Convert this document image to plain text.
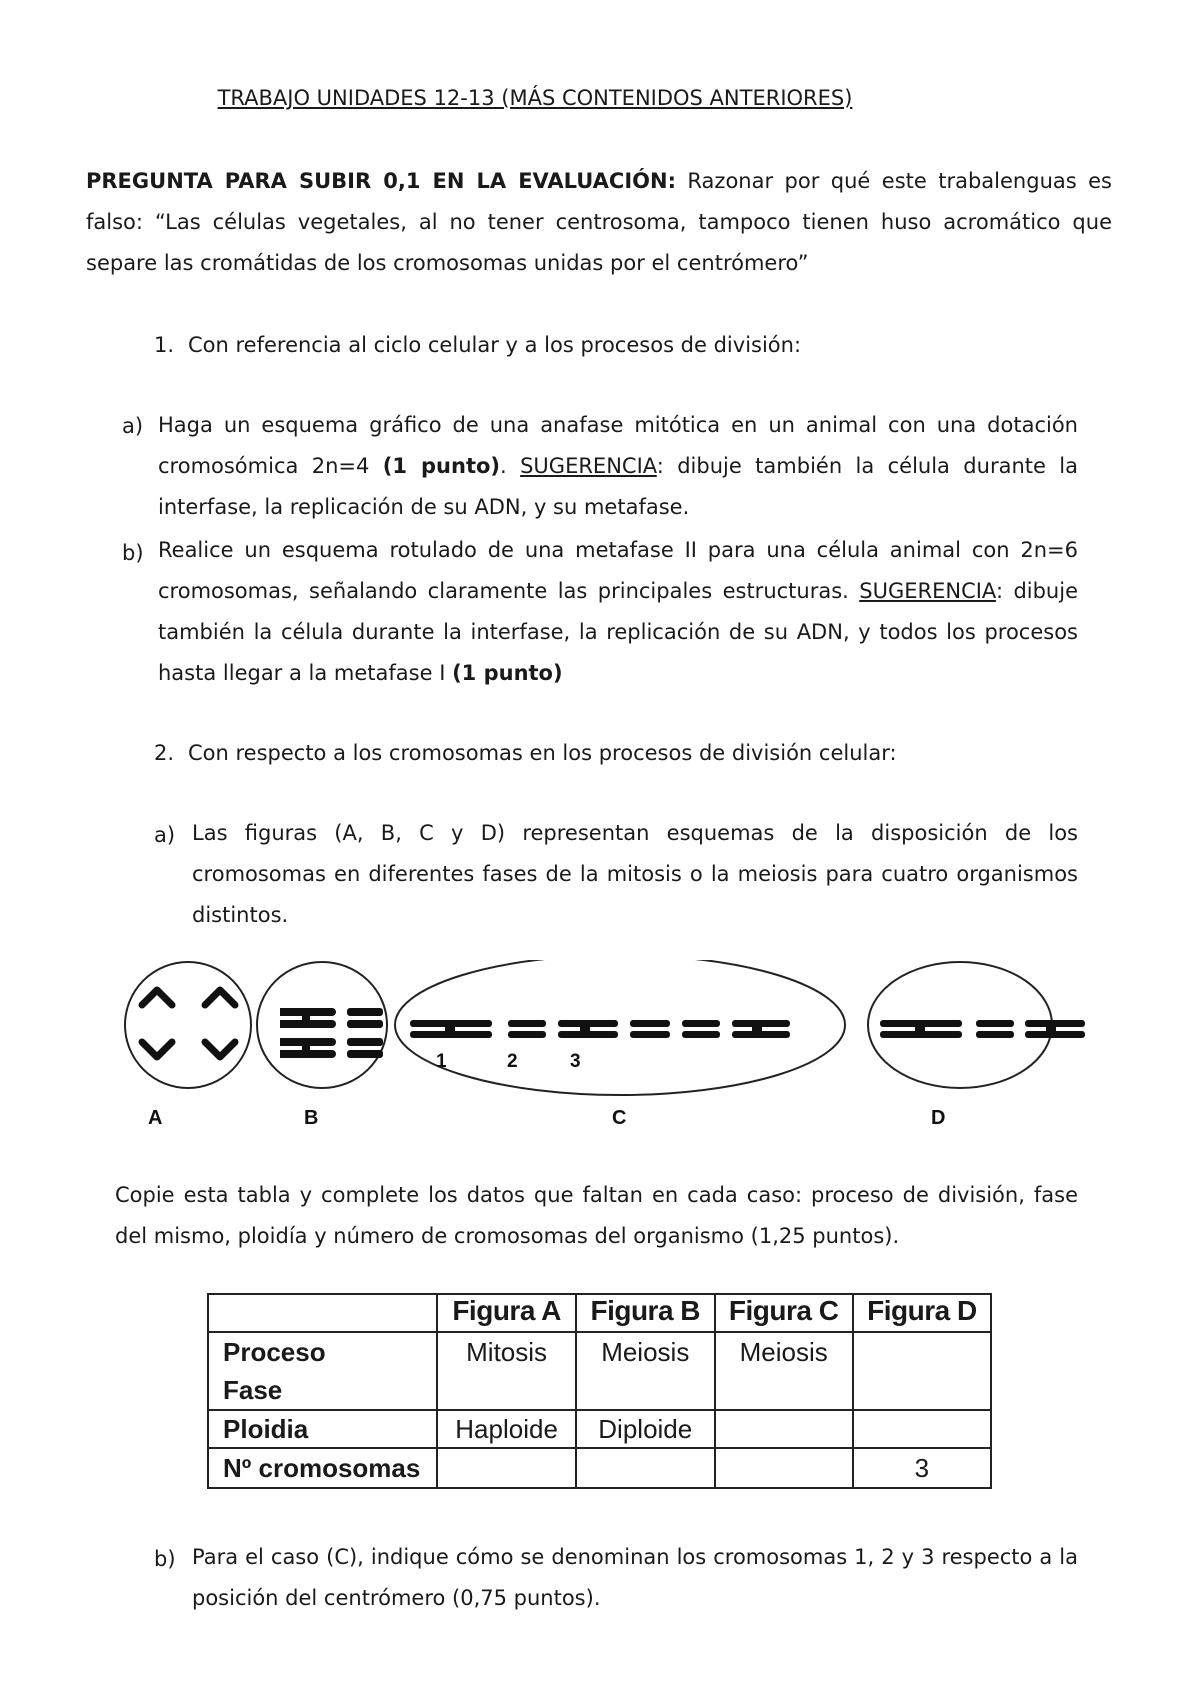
TRABAJO UNIDADES 12-13 (MÁS CONTENIDOS ANTERIORES)
PREGUNTA PARA SUBIR 0,1 EN LA EVALUACIÓN: Razonar por qué este trabalenguas es falso: “Las células vegetales, al no tener centrosoma, tampoco tienen huso acromático que separe las cromátidas de los cromosomas unidas por el centrómero”
1. Con referencia al ciclo celular y a los procesos de división:
a) Haga un esquema gráfico de una anafase mitótica en un animal con una dotación cromosómica 2n=4 (1 punto). SUGERENCIA: dibuje también la célula durante la interfase, la replicación de su ADN, y su metafase.
b) Realice un esquema rotulado de una metafase II para una célula animal con 2n=6 cromosomas, señalando claramente las principales estructuras. SUGERENCIA: dibuje también la célula durante la interfase, la replicación de su ADN, y todos los procesos hasta llegar a la metafase I (1 punto)
2. Con respecto a los cromosomas en los procesos de división celular:
a) Las figuras (A, B, C y D) representan esquemas de la disposición de los cromosomas en diferentes fases de la mitosis o la meiosis para cuatro organismos distintos.
1	2	3
A	B	C	D
Copie esta tabla y complete los datos que faltan en cada caso: proceso de división, fase del mismo, ploidía y número de cromosomas del organismo (1,25 puntos).
	Figura A	Figura B	Figura C	Figura D

Proceso
Fase	Mitosis	Meiosis	Meiosis	
Ploidia	Haploide	Diploide		
Nº cromosomas				3
b) Para el caso (C), indique cómo se denominan los cromosomas 1, 2 y 3 respecto a la posición del centrómero (0,75 puntos).
